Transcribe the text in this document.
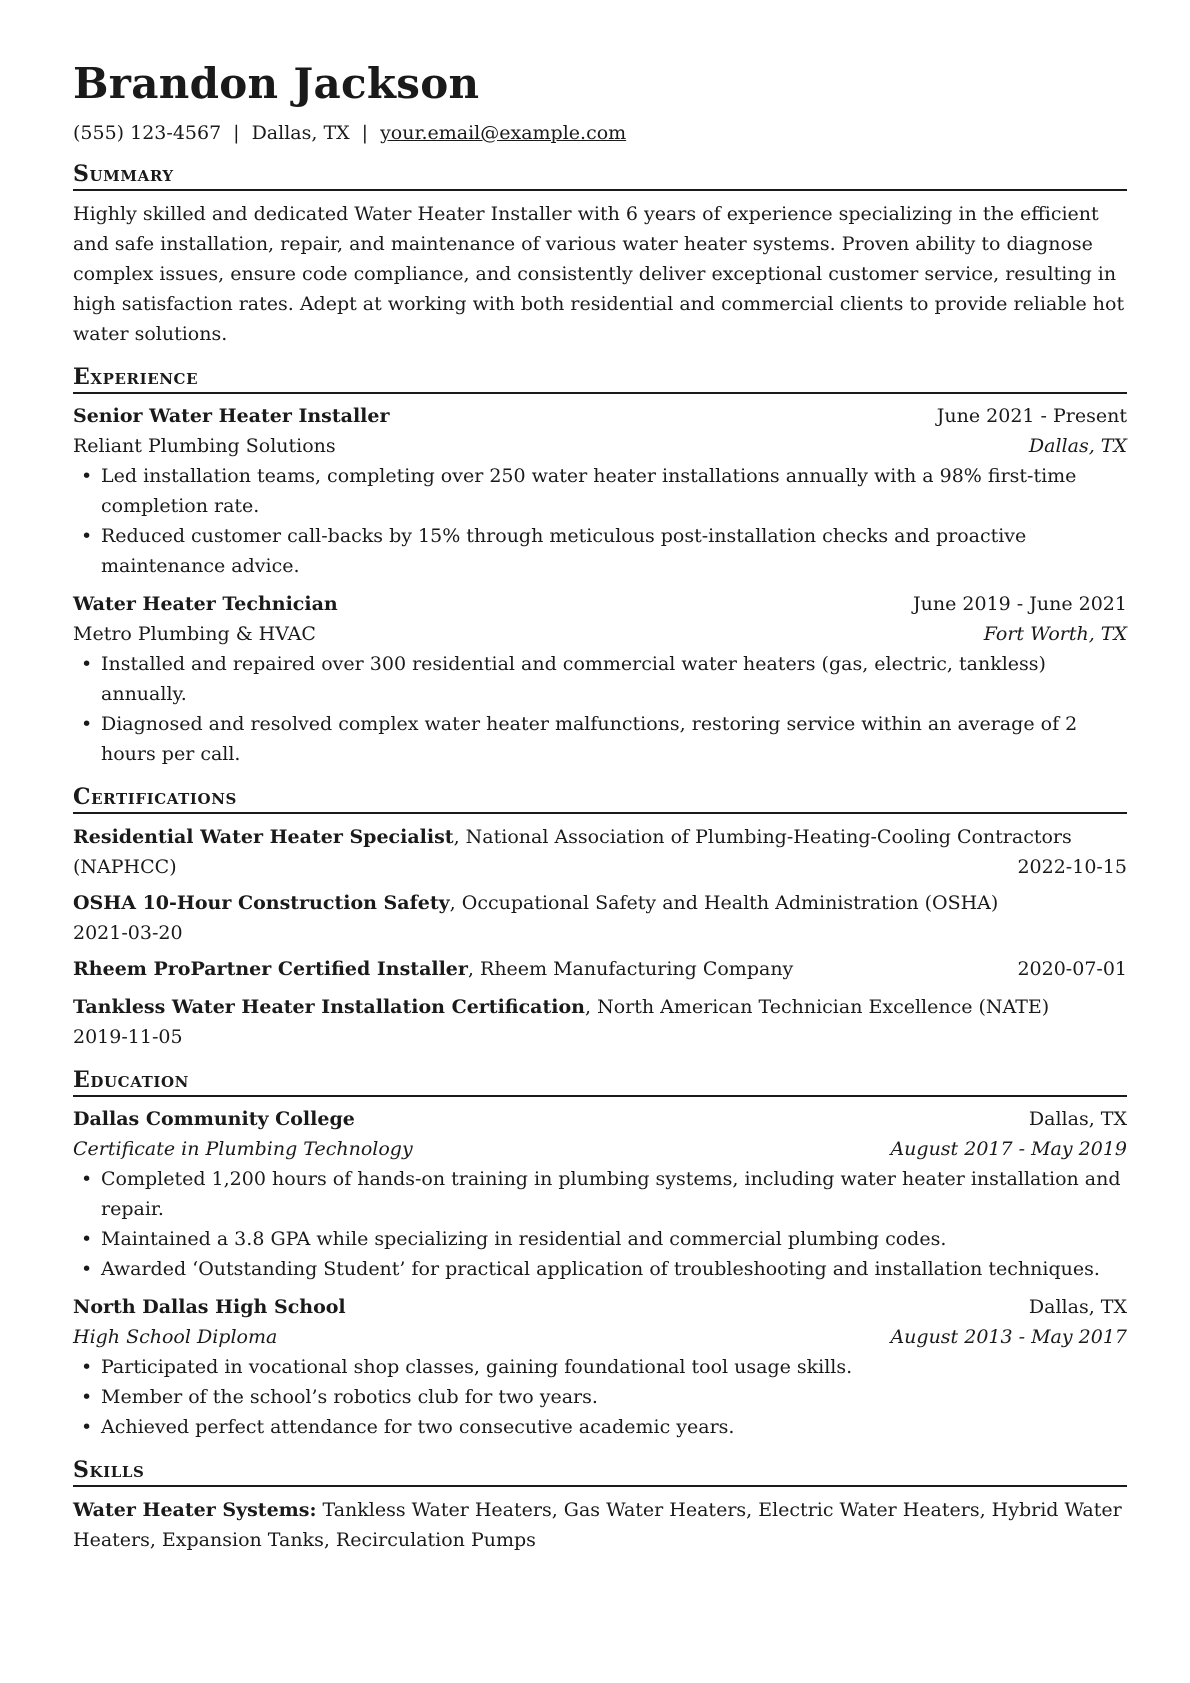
Brandon Jackson
(555) 123-4567 | Dallas, TX | your.email@example.com
Summary
Highly skilled and dedicated Water Heater Installer with 6 years of experience specializing in the efficient and safe installation, repair, and maintenance of various water heater systems. Proven ability to diagnose complex issues, ensure code compliance, and consistently deliver exceptional customer service, resulting in high satisfaction rates. Adept at working with both residential and commercial clients to provide reliable hot water solutions.
Experience
Senior Water Heater Installer	June 2021 - Present
Reliant Plumbing Solutions	Dallas, TX
• Led installation teams, completing over 250 water heater installations annually with a 98% first-time completion rate.
• Reduced customer call-backs by 15% through meticulous post-installation checks and proactive maintenance advice.
Water Heater Technician	June 2019 - June 2021
Metro Plumbing & HVAC	Fort Worth, TX
• Installed and repaired over 300 residential and commercial water heaters (gas, electric, tankless) annually.
• Diagnosed and resolved complex water heater malfunctions, restoring service within an average of 2 hours per call.
Certifications
Residential Water Heater Specialist, National Association of Plumbing-Heating-Cooling Contractors
(NAPHCC)	2022-10-15
OSHA 10-Hour Construction Safety, Occupational Safety and Health Administration (OSHA)
2021-03-20
Rheem ProPartner Certified Installer, Rheem Manufacturing Company	2020-07-01
Tankless Water Heater Installation Certification, North American Technician Excellence (NATE)
2019-11-05
Education
Dallas Community College	Dallas, TX
Certificate in Plumbing Technology	August 2017 - May 2019
• Completed 1,200 hours of hands-on training in plumbing systems, including water heater installation and repair.
• Maintained a 3.8 GPA while specializing in residential and commercial plumbing codes.
• Awarded ‘Outstanding Student’ for practical application of troubleshooting and installation techniques.
North Dallas High School	Dallas, TX
High School Diploma	August 2013 - May 2017
• Participated in vocational shop classes, gaining foundational tool usage skills.
• Member of the school’s robotics club for two years.
• Achieved perfect attendance for two consecutive academic years.
Skills
Water Heater Systems: Tankless Water Heaters, Gas Water Heaters, Electric Water Heaters, Hybrid Water Heaters, Expansion Tanks, Recirculation Pumps
